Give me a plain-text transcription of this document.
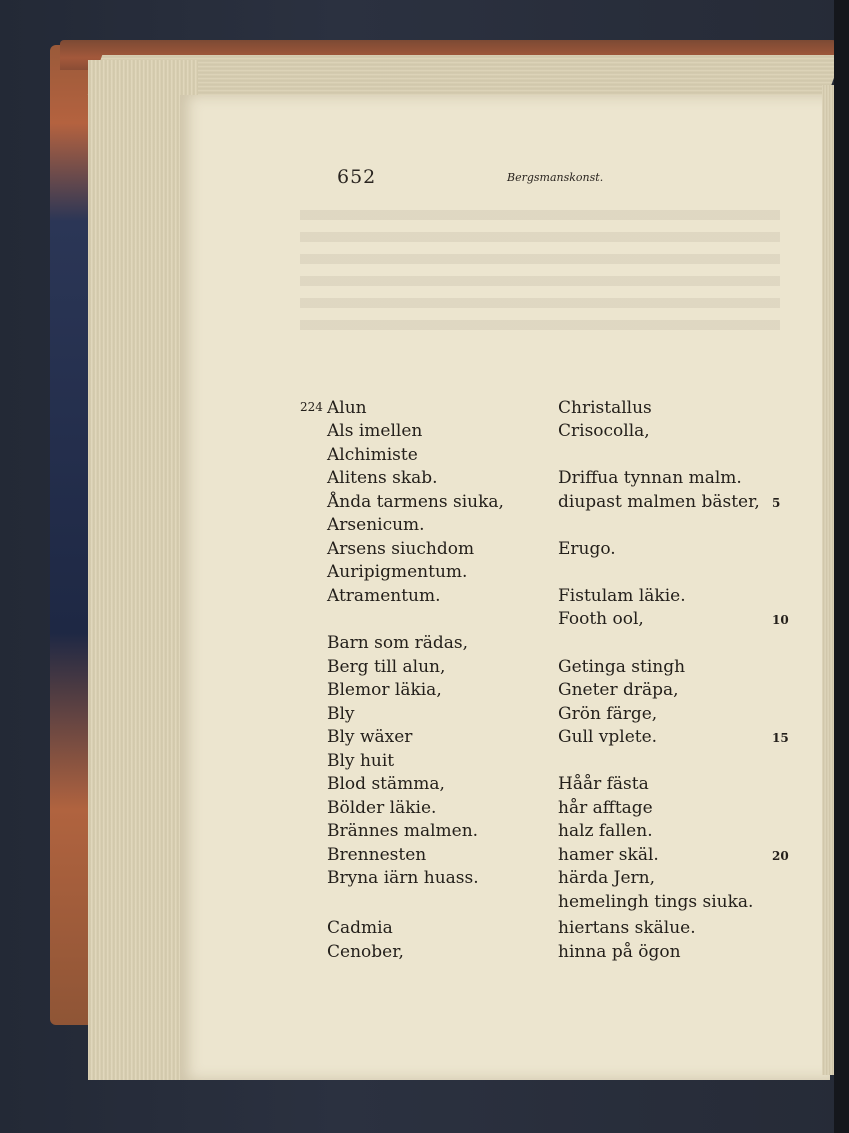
652	Bergsmanskonst.
224 Alun
Als imellen
Alchimiste
Alitens skab.
Ånda tarmens siuka,
Arsenicum.
Arsens siuchdom
Auripigmentum.
Atramentum.
Barn som rädas,
Berg till alun,
Blemor läkia,
Bly
Bly wäxer
Bly huit
Blod stämma,
Bölder läkie.
Brännes malmen.
Brennesten
Bryna iärn huass.
Cadmia
Cenober,
Christallus
Crisocolla,
Driffua tynnan malm.
diupast malmen bäster,
Erugo.
Fistulam läkie.
Footh ool,
Getinga stingh
Gneter dräpa,
Grön färge,
Gull vplete.
Håår fästa
hår afftage
halz fallen.
hamer skäl.
härda Jern,
hemelingh tings siuka.
hiertans skälue.
hinna på ögon
5
10
15
20
